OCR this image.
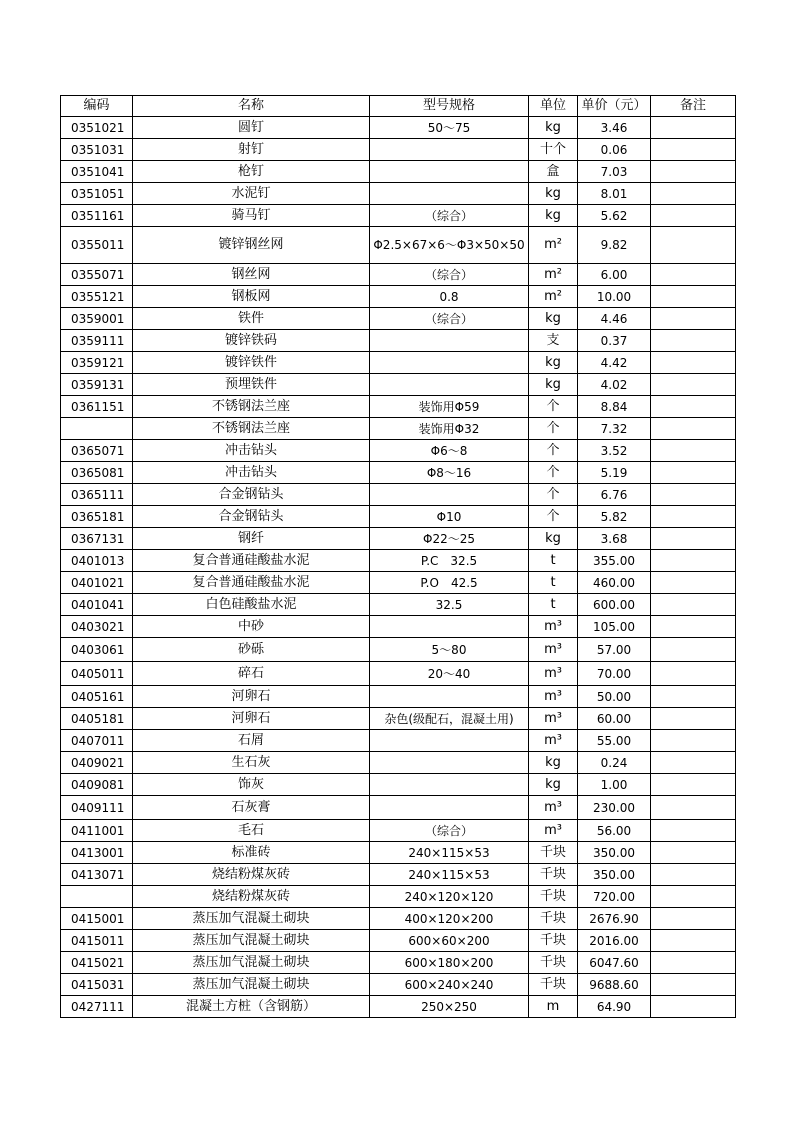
编码	名称	型号规格	单位	单价（元）	备注
0351021	圆钉	50～75	kg	3.46	
0351031	射钉		十个	0.06	
0351041	枪钉		盒	7.03	
0351051	水泥钉		kg	8.01	
0351161	骑马钉	（综合）	kg	5.62	
0355011	镀锌钢丝网	Φ2.5×67×6～Φ3×50×50	m²	9.82	
0355071	钢丝网	（综合）	m²	6.00	
0355121	钢板网	0.8	m²	10.00	
0359001	铁件	（综合）	kg	4.46	
0359111	镀锌铁码		支	0.37	
0359121	镀锌铁件		kg	4.42	
0359131	预埋铁件		kg	4.02	
0361151	不锈钢法兰座	装饰用Φ59	个	8.84	
	不锈钢法兰座	装饰用Φ32	个	7.32	
0365071	冲击钻头	Φ6～8	个	3.52	
0365081	冲击钻头	Φ8～16	个	5.19	
0365111	合金钢钻头		个	6.76	
0365181	合金钢钻头	Φ10	个	5.82	
0367131	钢纤	Φ22～25	kg	3.68	
0401013	复合普通硅酸盐水泥	P.C　32.5	t	355.00	
0401021	复合普通硅酸盐水泥	P.O　42.5	t	460.00	
0401041	白色硅酸盐水泥	32.5	t	600.00	
0403021	中砂		m³	105.00	
0403061	砂砾	5～80	m³	57.00	
0405011	碎石	20～40	m³	70.00	
0405161	河卵石		m³	50.00	
0405181	河卵石	杂色(级配石，混凝土用)	m³	60.00	
0407011	石屑		m³	55.00	
0409021	生石灰		kg	0.24	
0409081	饰灰		kg	1.00	
0409111	石灰膏		m³	230.00	
0411001	毛石	（综合）	m³	56.00	
0413001	标准砖	240×115×53	千块	350.00	
0413071	烧结粉煤灰砖	240×115×53	千块	350.00	
	烧结粉煤灰砖	240×120×120	千块	720.00	
0415001	蒸压加气混凝土砌块	400×120×200	千块	2676.90	
0415011	蒸压加气混凝土砌块	600×60×200	千块	2016.00	
0415021	蒸压加气混凝土砌块	600×180×200	千块	6047.60	
0415031	蒸压加气混凝土砌块	600×240×240	千块	9688.60	
0427111	混凝土方桩（含钢筋）	250×250	m	64.90	
